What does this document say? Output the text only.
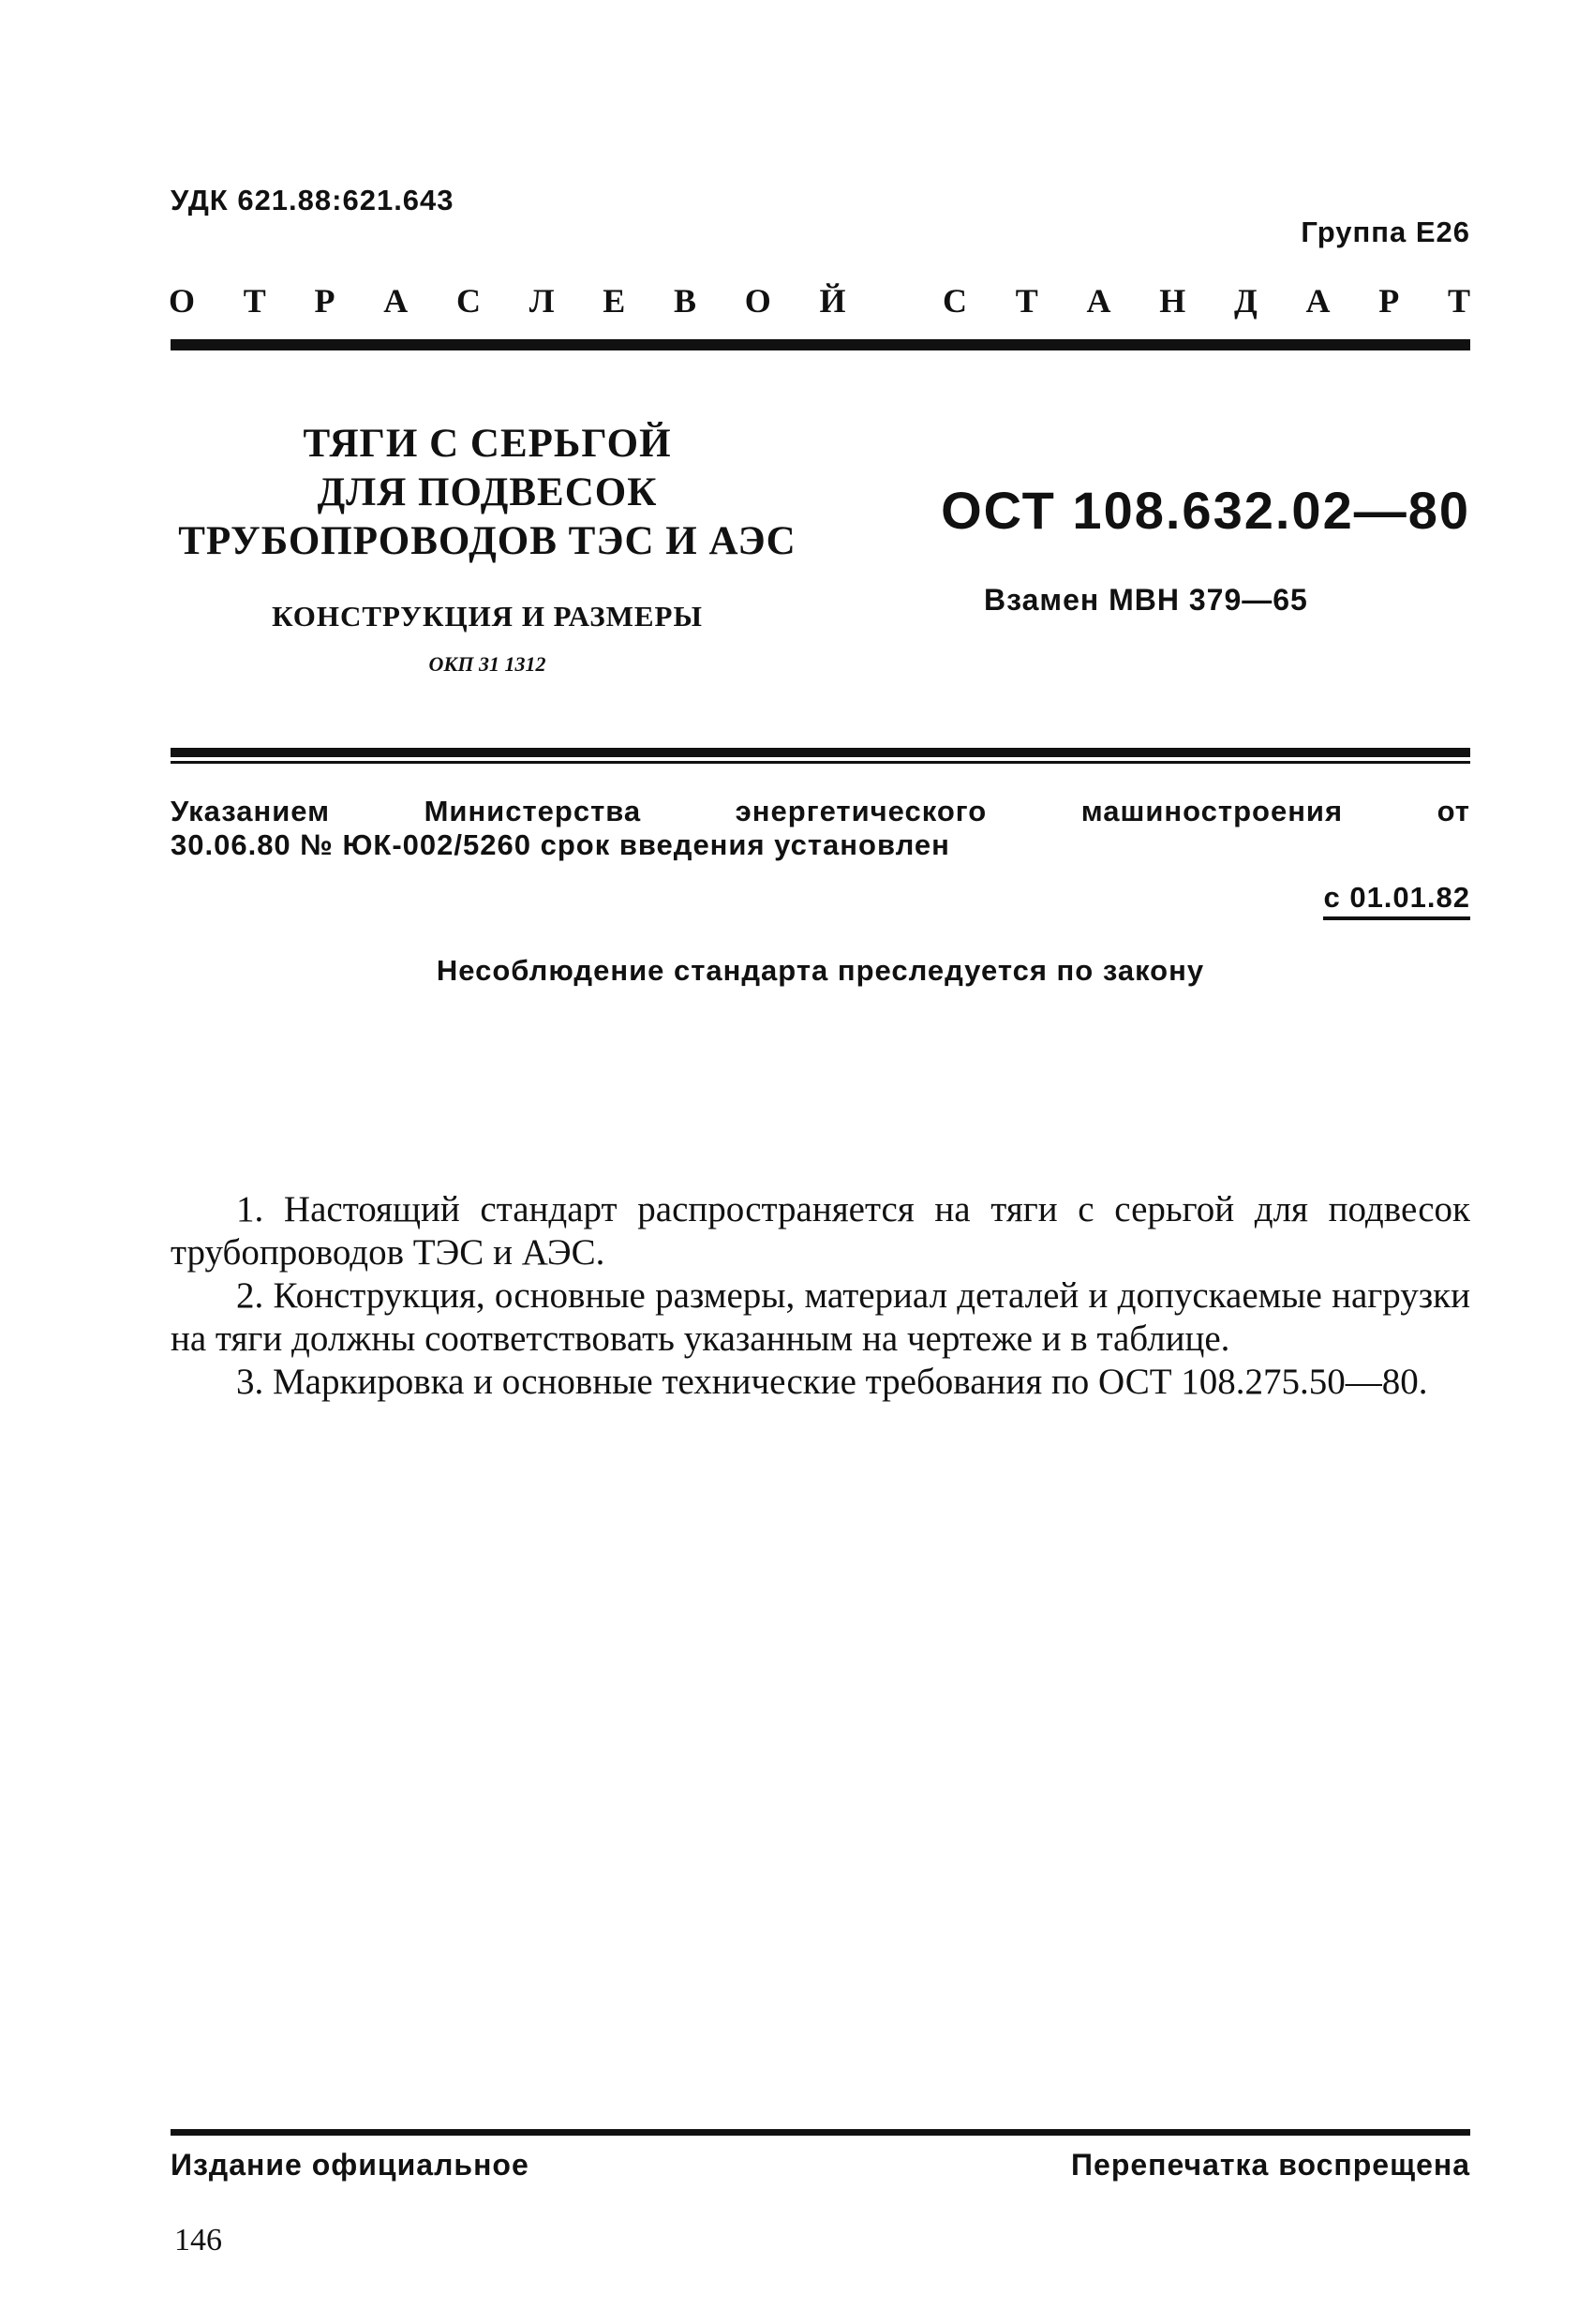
УДК 621.88:621.643
Группа Е26
О Т Р А С Л Е В О Й	С Т А Н Д А Р Т
ТЯГИ С СЕРЬГОЙ
ДЛЯ ПОДВЕСОК
ТРУБОПРОВОДОВ ТЭС И АЭС
КОНСТРУКЦИЯ И РАЗМЕРЫ
ОКП 31 1312
ОСТ 108.632.02—80
Взамен МВН 379—65
Указанием	Министерства	энергетического	машиностроения	от
30.06.80 № ЮК-002/5260 срок введения установлен
с 01.01.82
Несоблюдение стандарта преследуется по закону

1. Настоящий стандарт распространяется на тяги с серьгой для подвесок трубопроводов ТЭС и АЭС.

2. Конструкция, основные размеры, материал деталей и допускаемые нагрузки на тяги должны соответствовать указанным на чертеже и в таблице.

3. Маркировка и основные технические требования по ОСТ 108.275.50—80.

Издание официальное	Перепечатка воспрещена
146
